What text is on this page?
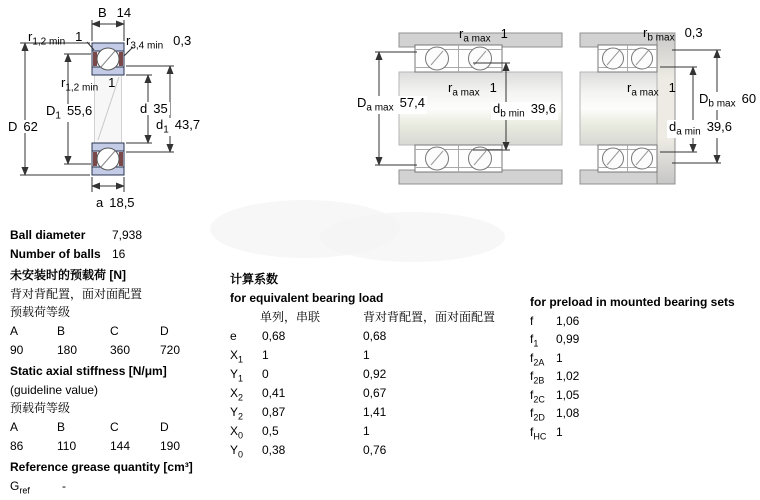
B 14
$r_{1,2 min}$ 1	$r_{3,4 min}$ 0,3
$r_{1,2 min}$ 1
$D_1$ 55,6
D 62
d 35
$d_1$ 43,7
a 18,5
$r_{a max}$ 1
$r_{a max}$ 1
$D_{a max}$ 57,4	$d_{b min}$ 39,6
$r_{b max}$ 0,3
$r_{a max}$ 1
$D_{b max}$ 60
$d_{a min}$ 39,6
Ball diameter 7,938
Number of balls 16
未安装时的预载荷 [N]
背对背配置，面对面配置
预载荷等级
A	B	C	D
90	180	360 720
Static axial stiffness [N/μm]
(guideline value)
预载荷等级
A	B	C	D
86	110	144 190
Reference grease quantity [cm³]
$G_{ref}$	-
计算系数
for equivalent bearing load
单列，串联	背对背配置，面对面配置
e 0,68	0,68
$X_1$ 1	1
$Y_1$ 0	0,92
$X_2$ 0,41	0,67
$Y_2$ 0,87	1,41
$X_0$ 0,5	1
$Y_0$ 0,38	0,76
for preload in mounted bearing sets
f 1,06
$f_1$ 0,99
$f_{2A}$ 1
$f_{2B}$ 1,02
$f_{2C}$ 1,05
$f_{2D}$ 1,08
$f_{HC}$ 1
